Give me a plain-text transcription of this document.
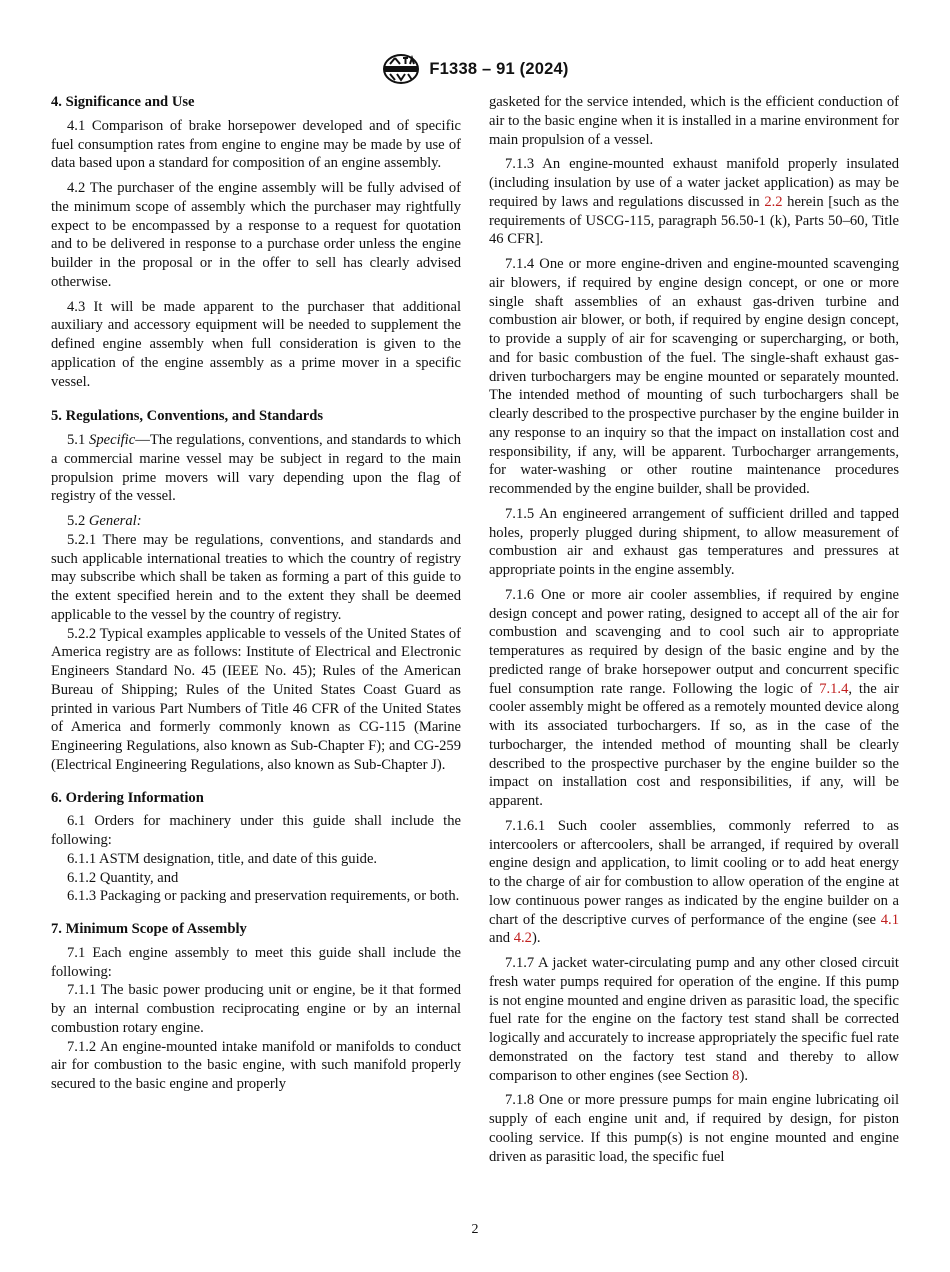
F1338 – 91 (2024)
4. Significance and Use

4.1 Comparison of brake horsepower developed and of specific fuel consumption rates from engine to engine may be made by use of data based upon a standard for composition of an engine assembly.

4.2 The purchaser of the engine assembly will be fully advised of the minimum scope of assembly which the purchaser may rightfully expect to be encompassed by a response to a request for quotation and to be delivered in response to a purchase order unless the engine builder in the proposal or in the offer to sell has clearly advised otherwise.

4.3 It will be made apparent to the purchaser that additional auxiliary and accessory equipment will be needed to supplement the defined engine assembly when full consideration is given to the application of the engine assembly as a prime mover in a specific vessel.

5. Regulations, Conventions, and Standards

5.1 Specific—The regulations, conventions, and standards to which a commercial marine vessel may be subject in regard to the main propulsion prime movers will vary depending upon the flag of registry of the vessel.

5.2 General:

5.2.1 There may be regulations, conventions, and standards and such applicable international treaties to which the country of registry may subscribe which shall be taken as forming a part of this guide to the extent specified herein and to the extent they shall be deemed applicable to the vessel by the country of registry.

5.2.2 Typical examples applicable to vessels of the United States of America registry are as follows: Institute of Electrical and Electronic Engineers Standard No. 45 (IEEE No. 45); Rules of the American Bureau of Shipping; Rules of the United States Coast Guard as printed in various Part Numbers of Title 46 CFR of the United States of America and formerly commonly known as CG-115 (Marine Engineering Regulations, also known as Sub-Chapter F); and CG-259 (Electrical Engineering Regulations, also known as Sub-Chapter J).

6. Ordering Information

6.1 Orders for machinery under this guide shall include the following:

6.1.1 ASTM designation, title, and date of this guide.

6.1.2 Quantity, and

6.1.3 Packaging or packing and preservation requirements, or both.

7. Minimum Scope of Assembly

7.1 Each engine assembly to meet this guide shall include the following:

7.1.1 The basic power producing unit or engine, be it that formed by an internal combustion reciprocating engine or by an internal combustion rotary engine.

7.1.2 An engine-mounted intake manifold or manifolds to conduct air for combustion to the basic engine, with such manifold properly secured to the basic engine and properly

gasketed for the service intended, which is the efficient conduction of air to the basic engine when it is installed in a marine environment for main propulsion of a vessel.

7.1.3 An engine-mounted exhaust manifold properly insulated (including insulation by use of a water jacket application) as may be required by laws and regulations discussed in 2.2 herein [such as the requirements of USCG-115, paragraph 56.50-1 (k), Parts 50–60, Title 46 CFR].

7.1.4 One or more engine-driven and engine-mounted scavenging air blowers, if required by engine design concept, or one or more single shaft assemblies of an exhaust gas-driven turbine and combustion air blower, or both, if required by engine design concept, to provide a supply of air for scavenging or supercharging, or both, and for basic combustion of the fuel. The single-shaft exhaust gas-driven turbochargers may be engine mounted or separately mounted. The intended method of mounting of such turbochargers shall be clearly described to the prospective purchaser by the engine builder in any response to an inquiry so that the impact on installation cost and responsibility, if any, will be apparent. Turbocharger arrangements, for water-washing or other routine maintenance procedures recommended by the engine builder, shall be provided.

7.1.5 An engineered arrangement of sufficient drilled and tapped holes, properly plugged during shipment, to allow measurement of combustion air and exhaust gas temperatures and pressures at appropriate points in the engine assembly.

7.1.6 One or more air cooler assemblies, if required by engine design concept and power rating, designed to accept all of the air for combustion and scavenging and to cool such air to appropriate temperatures as required by design of the basic engine and by the predicted range of brake horsepower output and concurrent specific fuel consumption rate range. Following the logic of 7.1.4, the air cooler assembly might be offered as a remotely mounted device along with its associated turbochargers. If so, as in the case of the turbocharger, the intended method of mounting shall be clearly described to the prospective purchaser by the engine builder so the impact on installation cost and responsibilities, if any, will be apparent.

7.1.6.1 Such cooler assemblies, commonly referred to as intercoolers or aftercoolers, shall be arranged, if required by overall engine design and application, to limit cooling or to add heat energy to the charge of air for combustion to allow operation of the engine at low continuous power ranges as indicated by the engine builder on a chart of the descriptive curves of performance of the engine (see 4.1 and 4.2).

7.1.7 A jacket water-circulating pump and any other closed circuit fresh water pumps required for operation of the engine. If this pump is not engine mounted and engine driven as parasitic load, the specific fuel rate for the engine on the factory test stand shall be corrected logically and accurately to increase appropriately the specific fuel rate demonstrated on the factory test stand and thereby to allow comparison to other engines (see Section 8).

7.1.8 One or more pressure pumps for main engine lubricating oil supply of each engine unit and, if required by design, for piston cooling service. If this pump(s) is not engine mounted and engine driven as parasitic load, the specific fuel

2
